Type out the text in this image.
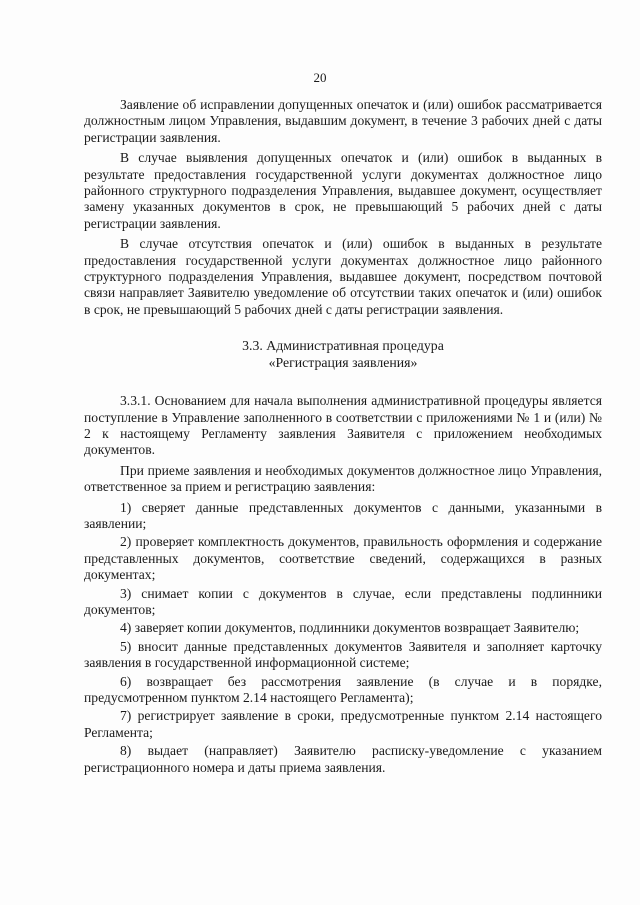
20

Заявление об исправлении допущенных опечаток и (или) ошибок рассматривается должностным лицом Управления, выдавшим документ, в течение 3 рабочих дней с даты регистрации заявления.

В случае выявления допущенных опечаток и (или) ошибок в выданных в результате предоставления государственной услуги документах должностное лицо районного структурного подразделения Управления, выдавшее документ, осуществляет замену указанных документов в срок, не превышающий 5 рабочих дней с даты регистрации заявления.

В случае отсутствия опечаток и (или) ошибок в выданных в результате предоставления государственной услуги документах должностное лицо районного структурного подразделения Управления, выдавшее документ, посредством почтовой связи направляет Заявителю уведомление об отсутствии таких опечаток и (или) ошибок в срок, не превышающий 5 рабочих дней с даты регистрации заявления.

3.3. Административная процедура
«Регистрация заявления»

3.3.1. Основанием для начала выполнения административной процедуры является поступление в Управление заполненного в соответствии с приложениями № 1 и (или) № 2 к настоящему Регламенту заявления Заявителя с приложением необходимых документов.

При приеме заявления и необходимых документов должностное лицо Управления, ответственное за прием и регистрацию заявления:

1) сверяет данные представленных документов с данными, указанными в заявлении;

2) проверяет комплектность документов, правильность оформления и содержание представленных документов, соответствие сведений, содержащихся в разных документах;

3) снимает копии с документов в случае, если представлены подлинники документов;

4) заверяет копии документов, подлинники документов возвращает Заявителю;

5) вносит данные представленных документов Заявителя и заполняет карточку заявления в государственной информационной системе;

6) возвращает без рассмотрения заявление (в случае и в порядке, предусмотренном пунктом 2.14 настоящего Регламента);

7) регистрирует заявление в сроки, предусмотренные пунктом 2.14 настоящего Регламента;

8) выдает (направляет) Заявителю расписку-уведомление с указанием регистрационного номера и даты приема заявления.
